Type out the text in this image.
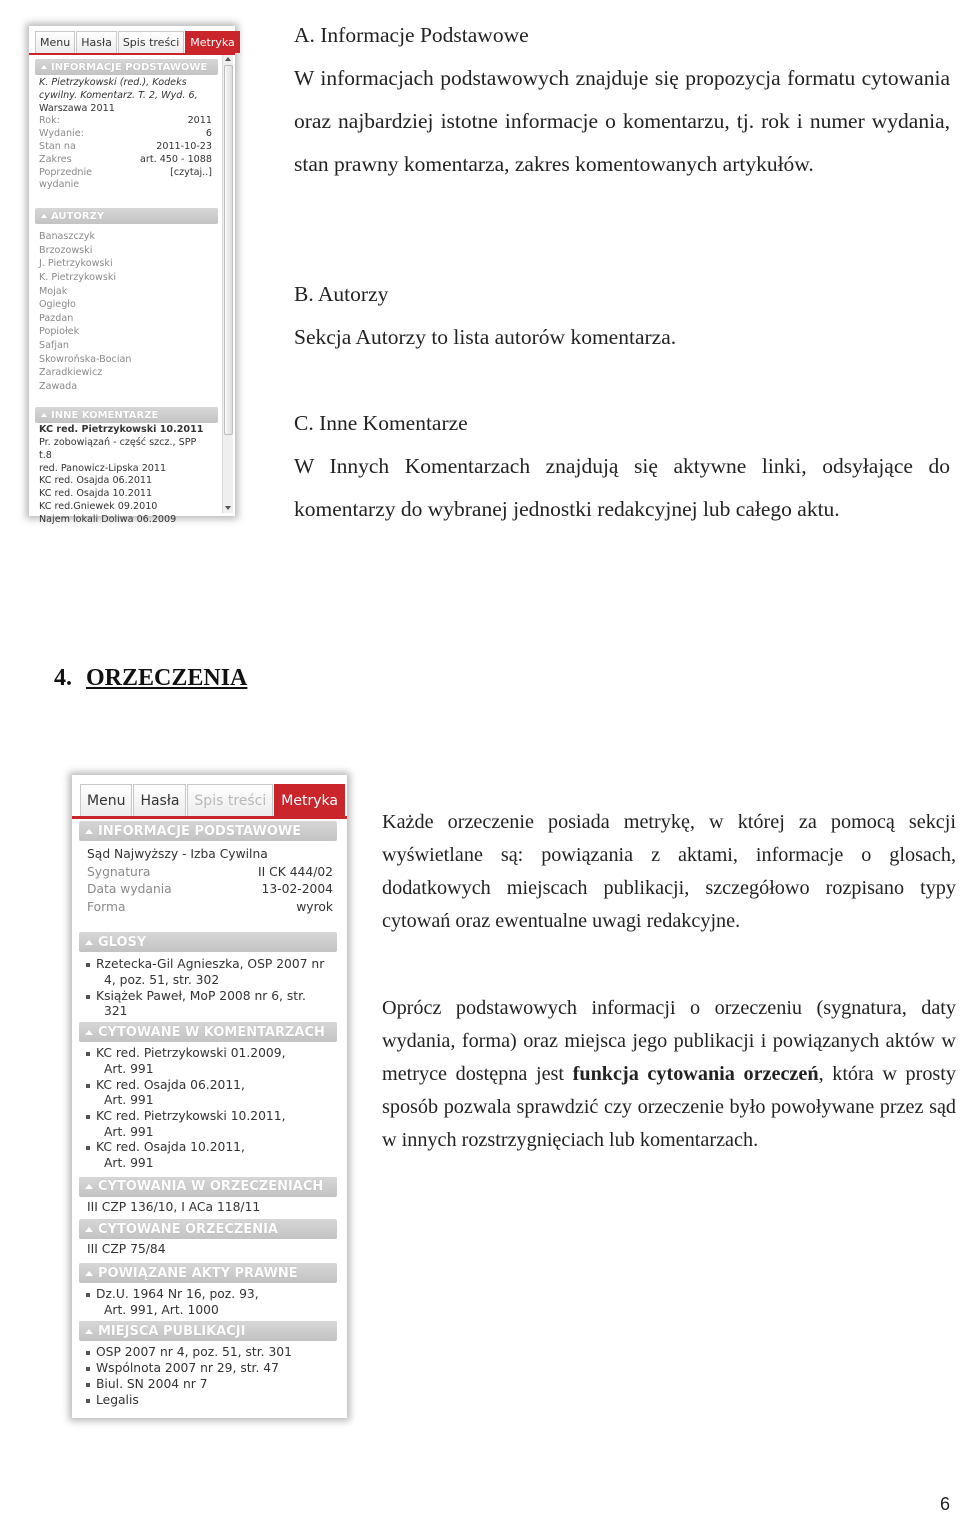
Menu	Hasła	Spis treści	Metryka
INFORMACJE PODSTAWOWE
K. Pietrzykowski (red.), Kodeks
cywilny. Komentarz. T. 2, Wyd. 6,
Warszawa 2011
Rok:	2011
Wydanie:	6
Stan na	2011-10-23
Zakres	art. 450 - 1088
Poprzednie	[czytaj..]
wydanie
AUTORZY
Banaszczyk
Brzozowski
J. Pietrzykowski
K. Pietrzykowski
Mojak
Ogiegło
Pazdan
Popiołek
Safjan
Skowrońska-Bocian
Zaradkiewicz
Zawada
INNE KOMENTARZE
KC red. Pietrzykowski 10.2011
Pr. zobowiązań - część szcz., SPP t.8
red. Panowicz-Lipska 2011
KC red. Osajda 06.2011
KC red. Osajda 10.2011
KC red.Gniewek 09.2010
Najem lokali Doliwa 06.2009

A. Informacje Podstawowe

W informacjach podstawowych znajduje się propozycja formatu cytowania oraz najbardziej istotne informacje o komentarzu, tj. rok i numer wydania, stan prawny komentarza, zakres komentowanych artykułów.

B. Autorzy

Sekcja Autorzy to lista autorów komentarza.

C. Inne Komentarze

W Innych Komentarzach znajdują się aktywne linki, odsyłające do komentarzy do wybranej jednostki redakcyjnej lub całego aktu.

4. ORZECZENIA
Menu	Hasła	Spis treści	Metryka
INFORMACJE PODSTAWOWE
Sąd Najwyższy - Izba Cywilna
Sygnatura	II CK 444/02
Data wydania	13-02-2004
Forma	wyrok
GLOSY
Rzetecka-Gil Agnieszka, OSP 2007 nr
4, poz. 51, str. 302
Książek Paweł, MoP 2008 nr 6, str.
321
CYTOWANE W KOMENTARZACH
KC red. Pietrzykowski 01.2009,
Art. 991
KC red. Osajda 06.2011,
Art. 991
KC red. Pietrzykowski 10.2011,
Art. 991
KC red. Osajda 10.2011,
Art. 991
CYTOWANIA W ORZECZENIACH
III CZP 136/10, I ACa 118/11
CYTOWANE ORZECZENIA
III CZP 75/84
POWIĄZANE AKTY PRAWNE
Dz.U. 1964 Nr 16, poz. 93,
Art. 991, Art. 1000
MIEJSCA PUBLIKACJI
OSP 2007 nr 4, poz. 51, str. 301
Wspólnota 2007 nr 29, str. 47
Biul. SN 2004 nr 7
Legalis
Każde orzeczenie posiada metrykę, w której za pomocą sekcji wyświetlane są: powiązania z aktami, informacje o glosach, dodatkowych miejscach publikacji, szczegółowo rozpisano typy cytowań oraz ewentualne uwagi redakcyjne.
Oprócz podstawowych informacji o orzeczeniu (sygnatura, daty wydania, forma) oraz miejsca jego publikacji i powiązanych aktów w metryce dostępna jest funkcja cytowania orzeczeń, która w prosty sposób pozwala sprawdzić czy orzeczenie było powoływane przez sąd w innych rozstrzygnięciach lub komentarzach.
6
